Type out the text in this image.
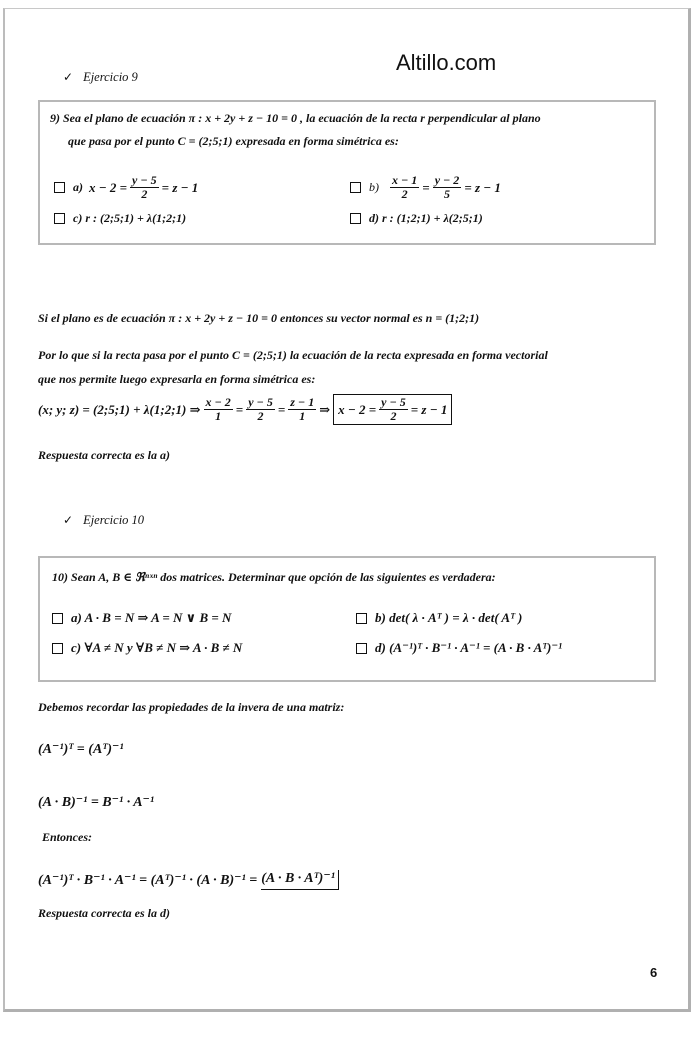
Altillo.com
✓ Ejercicio 9
9) Sea el plano de ecuación π : x + 2y + z − 10 = 0 , la ecuación de la recta r perpendicular al plano
que pasa por el punto C = (2;5;1) expresada en forma simétrica es:
a) $x - 2 = \frac{y - 5}{2} = z - 1$	$b) \frac{x - 1}{2} = \frac{y - 2}{5} = z - 1$
c) r : (2;5;1) + λ(1;2;1)	d) r : (1;2;1) + λ(2;5;1)
Si el plano es de ecuación π : x + 2y + z − 10 = 0 entonces su vector normal es n = (1;2;1)
Por lo que si la recta pasa por el punto C = (2;5;1) la ecuación de la recta expresada en forma vectorial
que nos permite luego expresarla en forma simétrica es:
(x; y; z) = (2;5;1) + λ(1;2;1) ⇒ $\frac{x - 2}{1} = \frac{y - 5}{2} = \frac{z - 1}{1}$ ⇒ $x - 2 = \frac{y - 5}{2} = z - 1$
Respuesta correcta es la a)
✓ Ejercicio 10
10) Sean A, B ∈ ℜⁿˣⁿ dos matrices. Determinar que opción de las siguientes es verdadera:
a) A · B = N ⇒ A = N ∨ B = N	b) det( λ · Aᵀ ) = λ · det( Aᵀ )
c) ∀A ≠ N y ∀B ≠ N ⇒ A · B ≠ N	d) (A⁻¹)ᵀ · B⁻¹ · A⁻¹ = (A · B · Aᵀ)⁻¹
Debemos recordar las propiedades de la invera de una matriz:
(A⁻¹)ᵀ = (Aᵀ)⁻¹
(A · B)⁻¹ = B⁻¹ · A⁻¹
Entonces:
(A⁻¹)ᵀ · B⁻¹ · A⁻¹ = (Aᵀ)⁻¹ · (A · B)⁻¹ = (A · B · Aᵀ)⁻¹
Respuesta correcta es la d)
6
